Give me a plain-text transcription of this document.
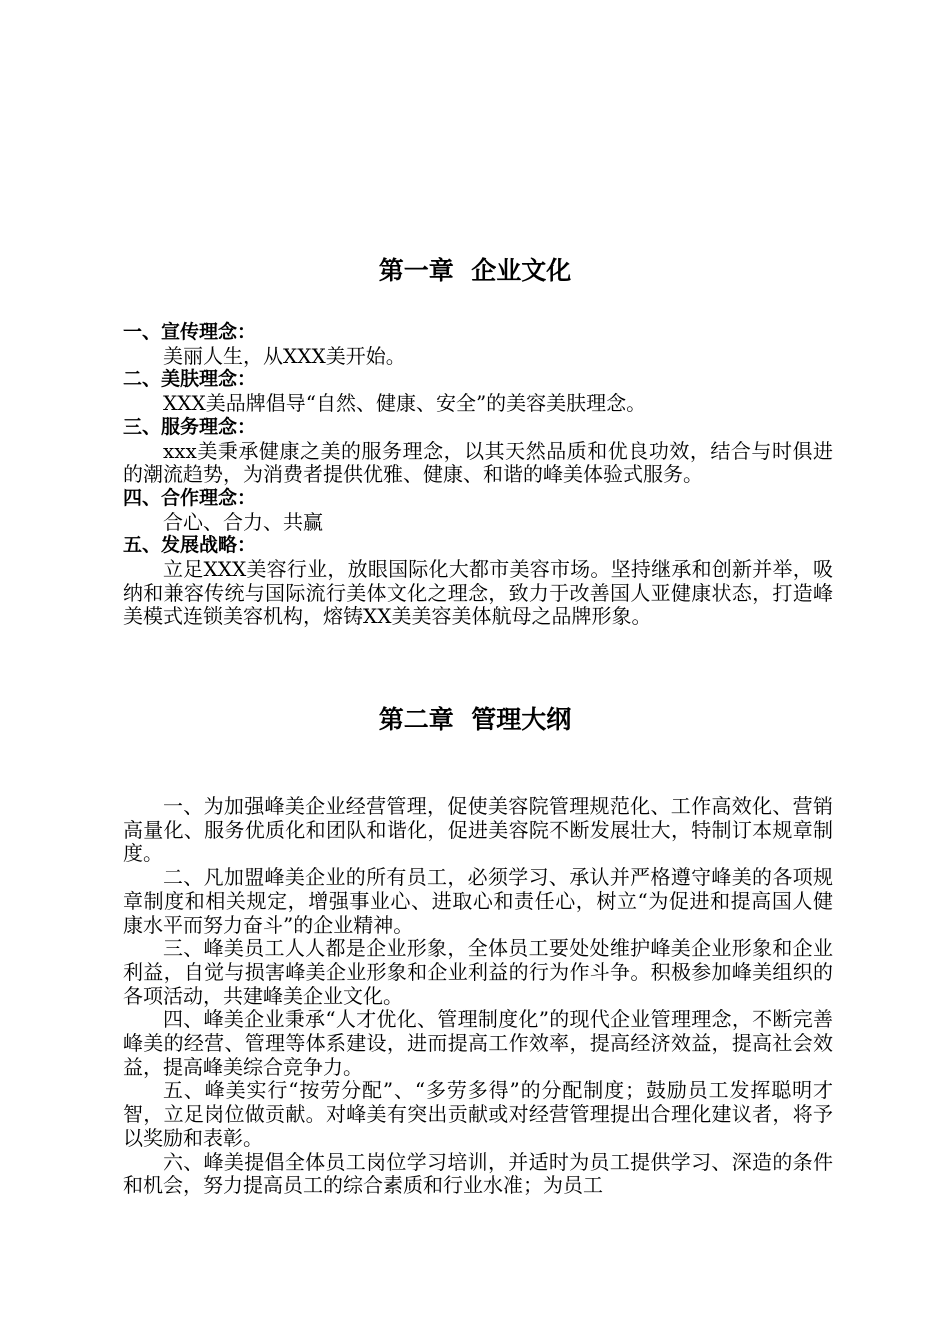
第一章  企业文化

一、宣传理念：

美丽人生，从XXX美开始。

二、美肤理念：

XXX美品牌倡导“自然、健康、安全”的美容美肤理念。

三、服务理念：

xxx美秉承健康之美的服务理念，以其天然品质和优良功效，结合与时俱进的潮流趋势，为消费者提供优雅、健康、和谐的峰美体验式服务。

四、合作理念：

合心、合力、共赢

五、发展战略：

立足XXX美容行业，放眼国际化大都市美容市场。坚持继承和创新并举，吸纳和兼容传统与国际流行美体文化之理念，致力于改善国人亚健康状态，打造峰美模式连锁美容机构，熔铸XX美美容美体航母之品牌形象。

第二章  管理大纲

一、为加强峰美企业经营管理，促使美容院管理规范化、工作高效化、营销高量化、服务优质化和团队和谐化，促进美容院不断发展壮大，特制订本规章制度。

二、凡加盟峰美企业的所有员工，必须学习、承认并严格遵守峰美的各项规章制度和相关规定，增强事业心、进取心和责任心，树立“为促进和提高国人健康水平而努力奋斗”的企业精神。

三、峰美员工人人都是企业形象，全体员工要处处维护峰美企业形象和企业利益，自觉与损害峰美企业形象和企业利益的行为作斗争。积极参加峰美组织的各项活动，共建峰美企业文化。

四、峰美企业秉承“人才优化、管理制度化”的现代企业管理理念，不断完善峰美的经营、管理等体系建设，进而提高工作效率，提高经济效益，提高社会效益，提高峰美综合竞争力。

五、峰美实行“按劳分配”、“多劳多得”的分配制度；鼓励员工发挥聪明才智，立足岗位做贡献。对峰美有突出贡献或对经营管理提出合理化建议者，将予以奖励和表彰。

六、峰美提倡全体员工岗位学习培训，并适时为员工提供学习、深造的条件和机会，努力提高员工的综合素质和行业水准；为员工
